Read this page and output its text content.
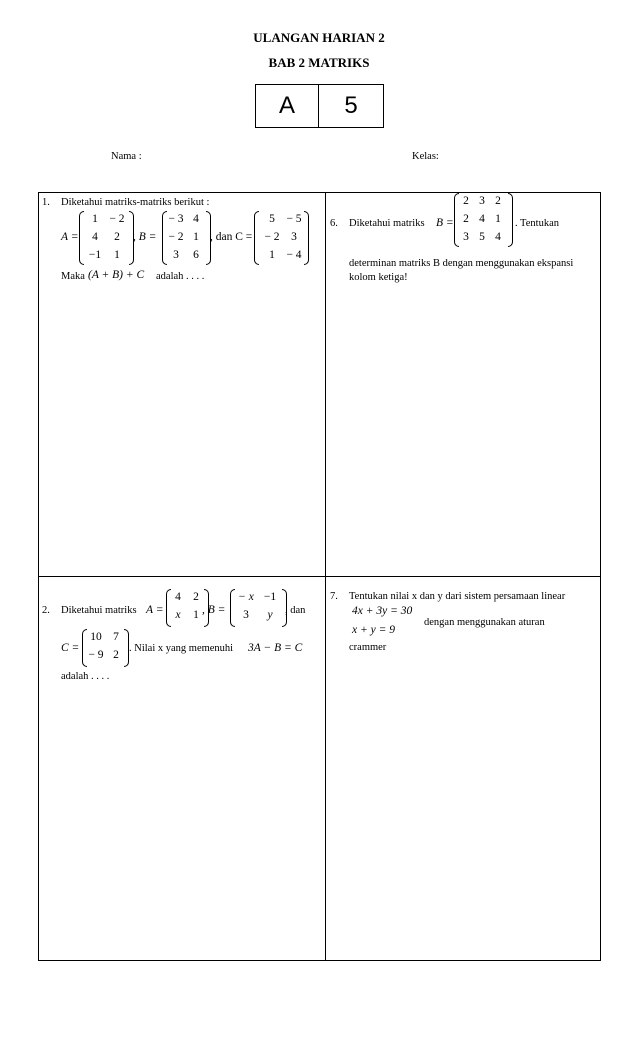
ULANGAN HARIAN 2
BAB 2 MATRIKS
A	5
Nama :	Kelas:
1. Diketahui matriks-matriks berikut :
A =
1	− 2
4	2
−1	1
, B =
− 3 4
− 2 1
3	6
, dan C =
5	− 5
− 2	3
1	− 4
Maka (A + B) + C adalah . . . .
2. Diketahui matriks A =
4	2
x	1 , B =
− x −1
3	y	, dan
C =
10 7
− 9 2
. Nilai x yang memenuhi 3A − B = C
adalah . . . .
6. Diketahui matriks B =
2 3 2
2 4 1
3 5 4
. Tentukan
determinan matriks B dengan menggunakan ekspansi
kolom ketiga!
7. Tentukan nilai x dan y dari sistem persamaan linear
4x + 3y = 30
dengan menggunakan aturan
x + y = 9
crammer
